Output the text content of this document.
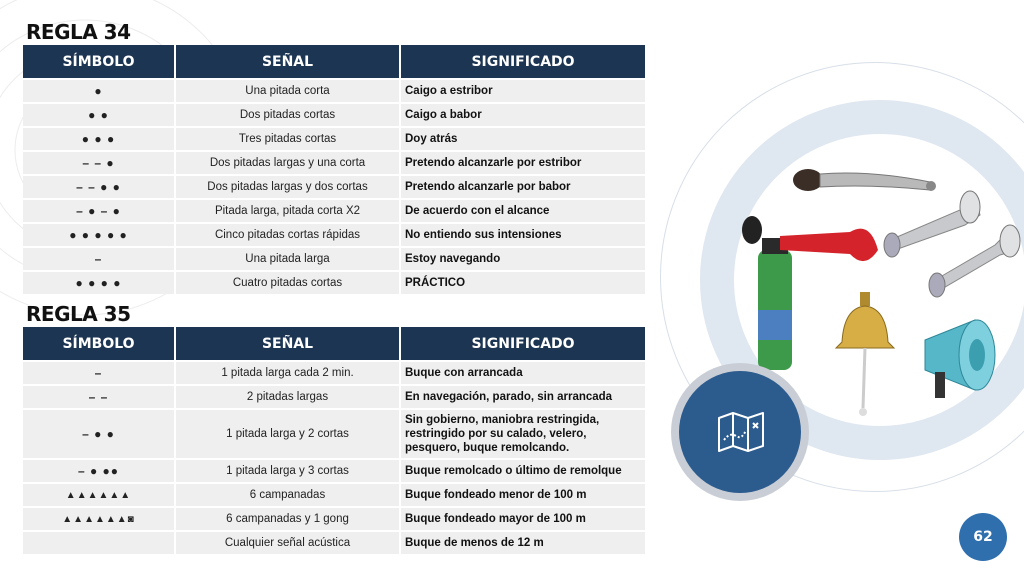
REGLA 34
SÍMBOLO	SEÑAL	SIGNIFICADO
●	Una pitada corta	Caigo a estribor
● ●	Dos pitadas cortas	Caigo a babor
● ● ●	Tres pitadas cortas	Doy atrás
– – ●	Dos pitadas largas y una corta	Pretendo alcanzarle por estribor
– – ● ●	Dos pitadas largas y dos cortas	Pretendo alcanzarle por babor
– ● – ●	Pitada larga, pitada corta X2	De acuerdo con el alcance
● ● ● ● ●	Cinco pitadas cortas rápidas	No entiendo sus intensiones
–	Una pitada larga	Estoy navegando
● ● ● ●	Cuatro pitadas cortas	PRÁCTICO
REGLA 35
SÍMBOLO	SEÑAL	SIGNIFICADO
–	1 pitada larga cada 2 min.	Buque con arrancada
– –	2 pitadas largas	En navegación, parado, sin arrancada
– ● ●	1 pitada larga y 2 cortas	Sin gobierno, maniobra restringida, restringido por su calado, velero, pesquero, buque remolcando.
– ● ●●	1 pitada larga y 3 cortas	Buque remolcado o último de remolque
▲▲▲▲▲▲	6 campanadas	Buque fondeado menor de 100 m
▲▲▲▲▲▲◙	6 campanadas y 1 gong	Buque fondeado mayor de 100 m
	Cualquier señal acústica	Buque de menos de 12 m	62
